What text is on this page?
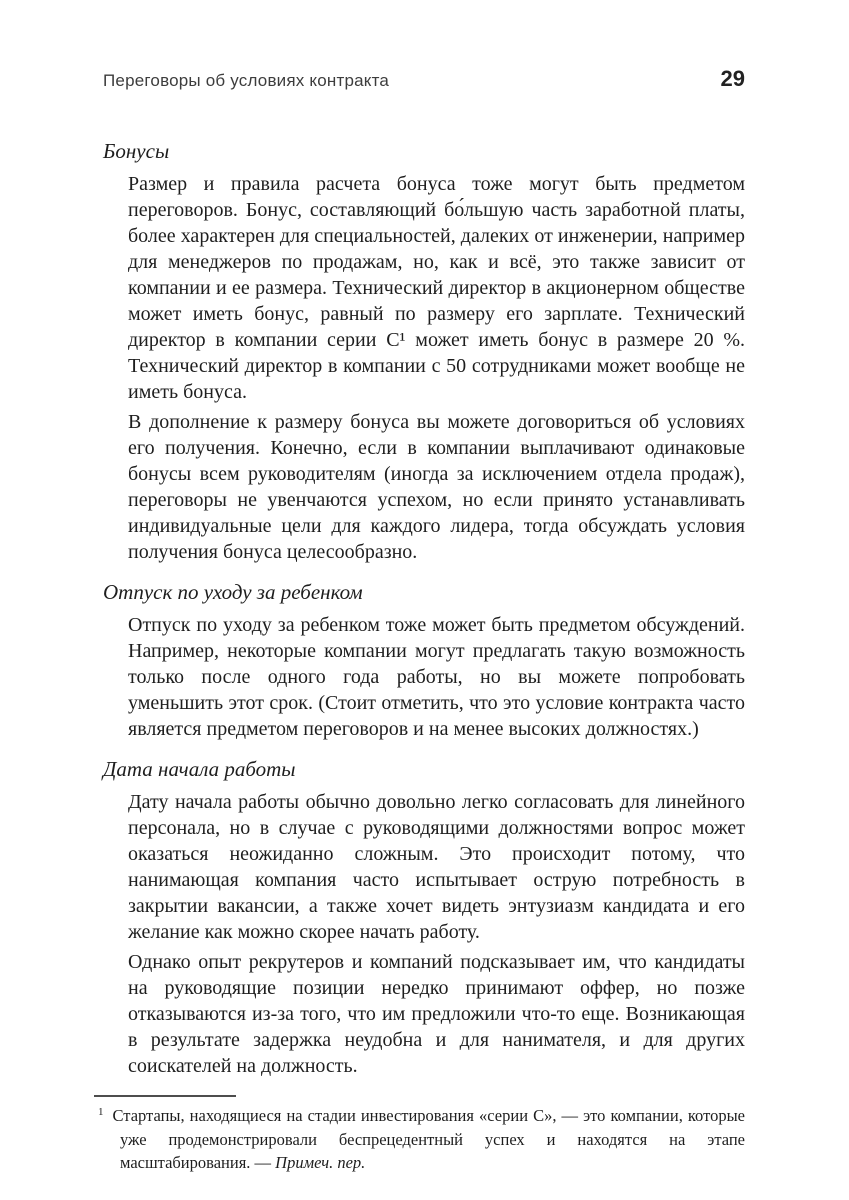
Переговоры об условиях контракта	29
Бонусы

Размер и правила расчета бонуса тоже могут быть предметом переговоров. Бонус, составляющий бо́льшую часть заработной платы, более характерен для специальностей, далеких от инженерии, например для менеджеров по продажам, но, как и всё, это также зависит от компании и ее размера. Технический директор в акционерном обществе может иметь бонус, равный по размеру его зарплате. Технический директор в компании серии С¹ может иметь бонус в размере 20 %. Технический директор в компании с 50 сотрудниками может вообще не иметь бонуса.

В дополнение к размеру бонуса вы можете договориться об условиях его получения. Конечно, если в компании выплачивают одинаковые бонусы всем руководителям (иногда за исключением отдела продаж), переговоры не увенчаются успехом, но если принято устанавливать индивидуальные цели для каждого лидера, тогда обсуждать условия получения бонуса целесообразно.

Отпуск по уходу за ребенком

Отпуск по уходу за ребенком тоже может быть предметом обсуждений. Например, некоторые компании могут предлагать такую возможность только после одного года работы, но вы можете попробовать уменьшить этот срок. (Стоит отметить, что это условие контракта часто является предметом переговоров и на менее высоких должностях.)

Дата начала работы

Дату начала работы обычно довольно легко согласовать для линейного персонала, но в случае с руководящими должностями вопрос может оказаться неожиданно сложным. Это происходит потому, что нанимающая компания часто испытывает острую потребность в закрытии вакансии, а также хочет видеть энтузиазм кандидата и его желание как можно скорее начать работу.

Однако опыт рекрутеров и компаний подсказывает им, что кандидаты на руководящие позиции нередко принимают оффер, но позже отказываются из-за того, что им предложили что-то еще. Возникающая в результате задержка неудобна и для нанимателя, и для других соискателей на должность.

$^1$ Стартапы, находящиеся на стадии инвестирования «серии С», — это компании, которые уже продемонстрировали беспрецедентный успех и находятся на этапе масштабирования. — Примеч. пер.
